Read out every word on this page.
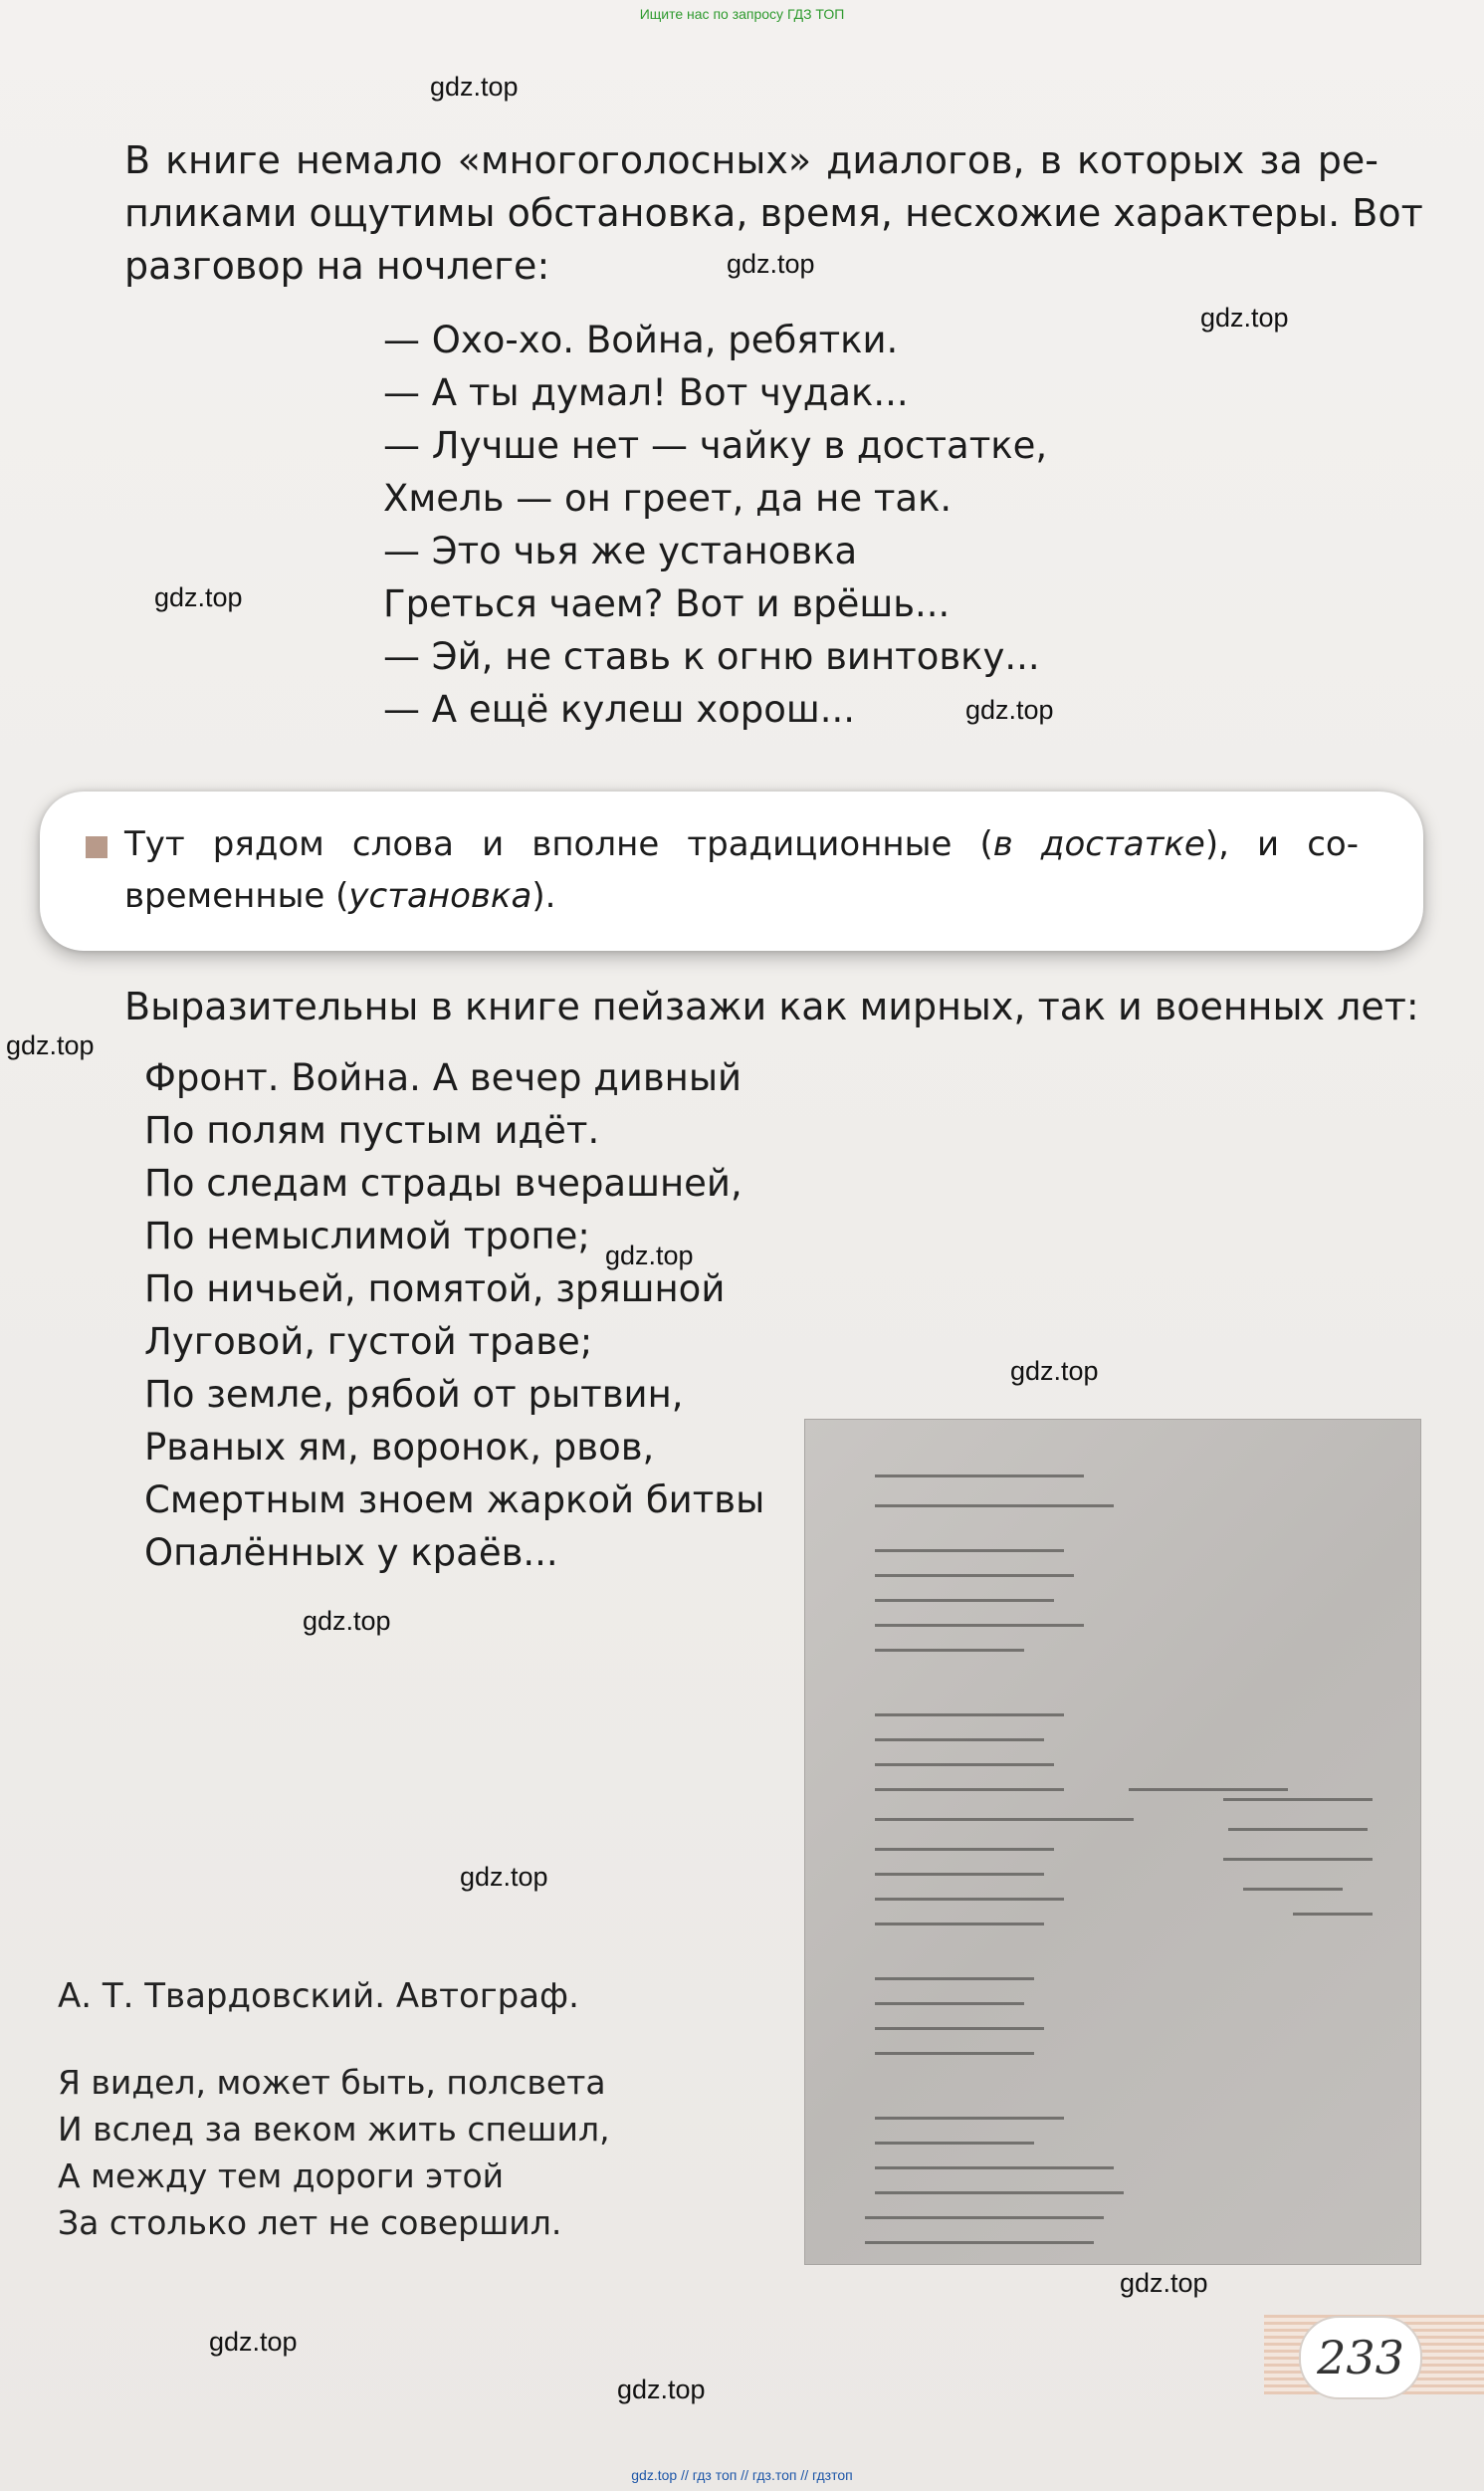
Ищите нас по запросу ГДЗ ТОП
gdz.top
gdz.top
gdz.top
gdz.top
gdz.top
gdz.top
gdz.top
gdz.top
gdz.top
gdz.top
gdz.top
gdz.top
gdz.top
В книге немало «многоголосных» диалогов, в которых за ре-
пликами ощутимы обстановка, время, несхожие характеры. Вот
разговор на ночлеге:
— Охо-хо. Война, ребятки.
— А ты думал! Вот чудак...
— Лучше нет — чайку в достатке,
Хмель — он греет, да не так.
— Это чья же установка
Греться чаем? Вот и врёшь...
— Эй, не ставь к огню винтовку...
— А ещё кулеш хорош...
Тут рядом слова и вполне традиционные (в достатке), и со-
временные (установка).
Выразительны в книге пейзажи как мирных, так и военных лет:
Фронт. Война. А вечер дивный
По полям пустым идёт.
По следам страды вчерашней,
По немыслимой тропе;
По ничьей, помятой, зряшной
Луговой, густой траве;
По земле, рябой от рытвин,
Рваных ям, воронок, рвов,
Смертным зноем жаркой битвы
Опалённых у краёв...
А. Т. Твардовский. Автограф.
Я видел, может быть, полсвета
И вслед за веком жить спешил,
А между тем дороги этой
За столько лет не совершил.
233
gdz.top // гдз топ // гдз.топ // гдзтоп
